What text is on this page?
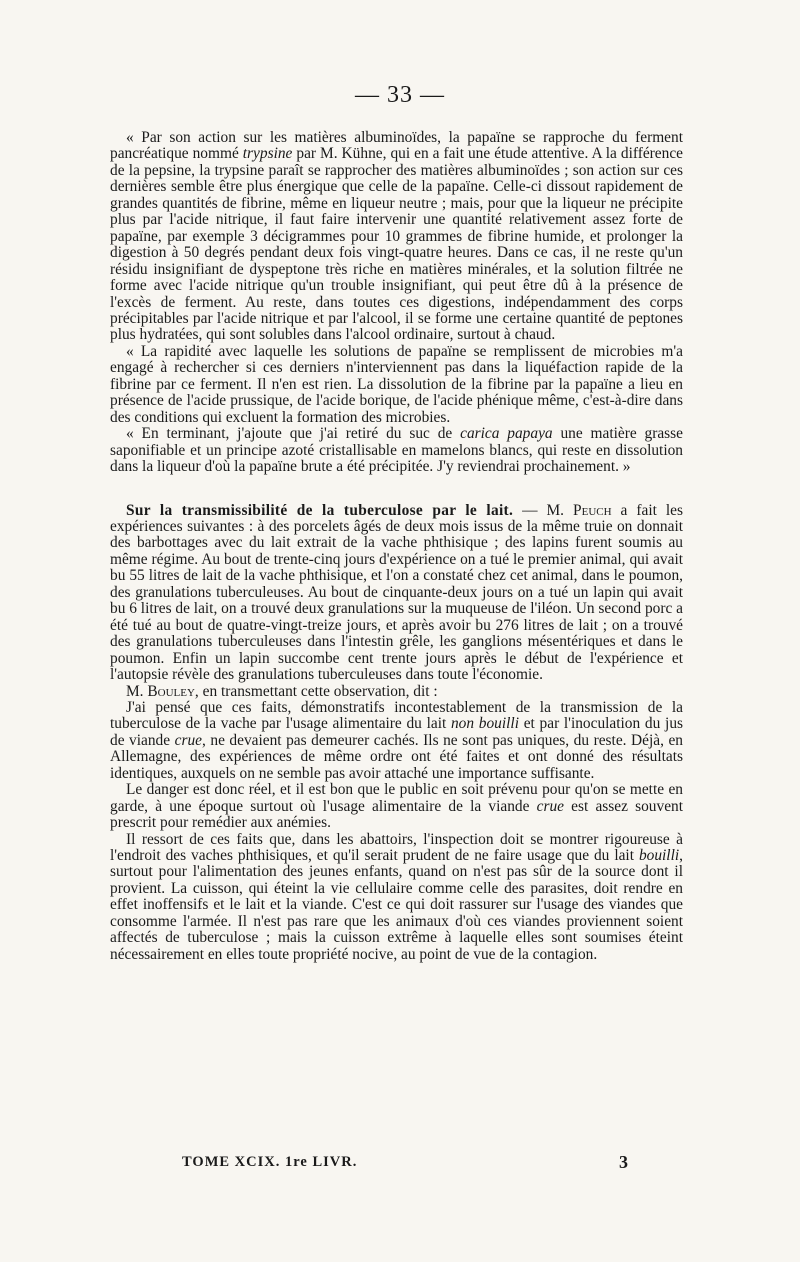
— 33 —

« Par son action sur les matières albuminoïdes, la papaïne se rapproche du ferment pancréatique nommé trypsine par M. Kühne, qui en a fait une étude attentive. A la différence de la pepsine, la trypsine paraît se rapprocher des matières albuminoïdes ; son action sur ces dernières semble être plus énergique que celle de la papaïne. Celle-ci dissout rapidement de grandes quantités de fibrine, même en liqueur neutre ; mais, pour que la liqueur ne précipite plus par l'acide nitrique, il faut faire intervenir une quantité relativement assez forte de papaïne, par exemple 3 décigrammes pour 10 grammes de fibrine humide, et prolonger la digestion à 50 degrés pendant deux fois vingt-quatre heures. Dans ce cas, il ne reste qu'un résidu insignifiant de dyspeptone très riche en matières minérales, et la solution filtrée ne forme avec l'acide nitrique qu'un trouble insignifiant, qui peut être dû à la présence de l'excès de ferment. Au reste, dans toutes ces digestions, indépendamment des corps précipitables par l'acide nitrique et par l'alcool, il se forme une certaine quantité de peptones plus hydratées, qui sont solubles dans l'alcool ordinaire, surtout à chaud.

« La rapidité avec laquelle les solutions de papaïne se remplissent de microbies m'a engagé à rechercher si ces derniers n'interviennent pas dans la liquéfaction rapide de la fibrine par ce ferment. Il n'en est rien. La dissolution de la fibrine par la papaïne a lieu en présence de l'acide prussique, de l'acide borique, de l'acide phénique même, c'est-à-dire dans des conditions qui excluent la formation des microbies.

« En terminant, j'ajoute que j'ai retiré du suc de carica papaya une matière grasse saponifiable et un principe azoté cristallisable en mamelons blancs, qui reste en dissolution dans la liqueur d'où la papaïne brute a été précipitée. J'y reviendrai prochainement. »

Sur la transmissibilité de la tuberculose par le lait. — M. Peuch a fait les expériences suivantes : à des porcelets âgés de deux mois issus de la même truie on donnait des barbottages avec du lait extrait de la vache phthisique ; des lapins furent soumis au même régime. Au bout de trente-cinq jours d'expérience on a tué le premier animal, qui avait bu 55 litres de lait de la vache phthisique, et l'on a constaté chez cet animal, dans le poumon, des granulations tuberculeuses. Au bout de cinquante-deux jours on a tué un lapin qui avait bu 6 litres de lait, on a trouvé deux granulations sur la muqueuse de l'iléon. Un second porc a été tué au bout de quatre-vingt-treize jours, et après avoir bu 276 litres de lait ; on a trouvé des granulations tuberculeuses dans l'intestin grêle, les ganglions mésentériques et dans le poumon. Enfin un lapin succombe cent trente jours après le début de l'expérience et l'autopsie révèle des granulations tuberculeuses dans toute l'économie.

M. Bouley, en transmettant cette observation, dit :

J'ai pensé que ces faits, démonstratifs incontestablement de la transmission de la tuberculose de la vache par l'usage alimentaire du lait non bouilli et par l'inoculation du jus de viande crue, ne devaient pas demeurer cachés. Ils ne sont pas uniques, du reste. Déjà, en Allemagne, des expériences de même ordre ont été faites et ont donné des résultats identiques, auxquels on ne semble pas avoir attaché une importance suffisante.

Le danger est donc réel, et il est bon que le public en soit prévenu pour qu'on se mette en garde, à une époque surtout où l'usage alimentaire de la viande crue est assez souvent prescrit pour remédier aux anémies.

Il ressort de ces faits que, dans les abattoirs, l'inspection doit se montrer rigoureuse à l'endroit des vaches phthisiques, et qu'il serait prudent de ne faire usage que du lait bouilli, surtout pour l'alimentation des jeunes enfants, quand on n'est pas sûr de la source dont il provient. La cuisson, qui éteint la vie cellulaire comme celle des parasites, doit rendre en effet inoffensifs et le lait et la viande. C'est ce qui doit rassurer sur l'usage des viandes que consomme l'armée. Il n'est pas rare que les animaux d'où ces viandes proviennent soient affectés de tuberculose ; mais la cuisson extrême à laquelle elles sont soumises éteint nécessairement en elles toute propriété nocive, au point de vue de la contagion.

TOME XCIX. 1re LIVR.	3
